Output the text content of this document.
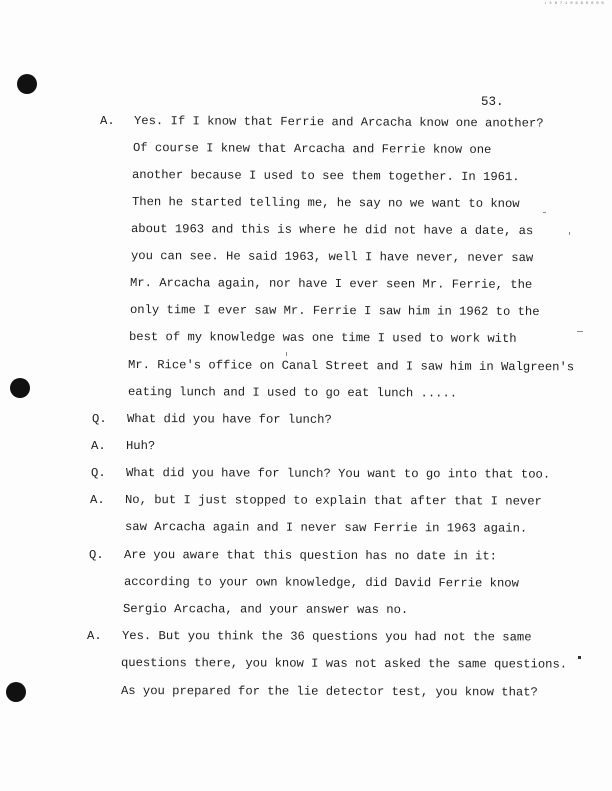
• 5 8 7 1 0 6 8 0 0 0 0
53.
A. Yes. If I know that Ferrie and Arcacha know one another?
Of course I knew that Arcacha and Ferrie know one
another because I used to see them together. In 1961.
Then he started telling me, he say no we want to know
about 1963 and this is where he did not have a date, as
you can see. He said 1963, well I have never, never saw
Mr. Arcacha again, nor have I ever seen Mr. Ferrie, the
only time I ever saw Mr. Ferrie I saw him in 1962 to the
best of my knowledge was one time I used to work with
Mr. Rice's office on Canal Street and I saw him in Walgreen's
eating lunch and I used to go eat lunch .....
Q. What did you have for lunch?
A. Huh?
Q. What did you have for lunch? You want to go into that too.
A. No, but I just stopped to explain that after that I never
saw Arcacha again and I never saw Ferrie in 1963 again.
Q. Are you aware that this question has no date in it:
according to your own knowledge, did David Ferrie know
Sergio Arcacha, and your answer was no.
A. Yes. But you think the 36 questions you had not the same
questions there, you know I was not asked the same questions.
As you prepared for the lie detector test, you know that?
